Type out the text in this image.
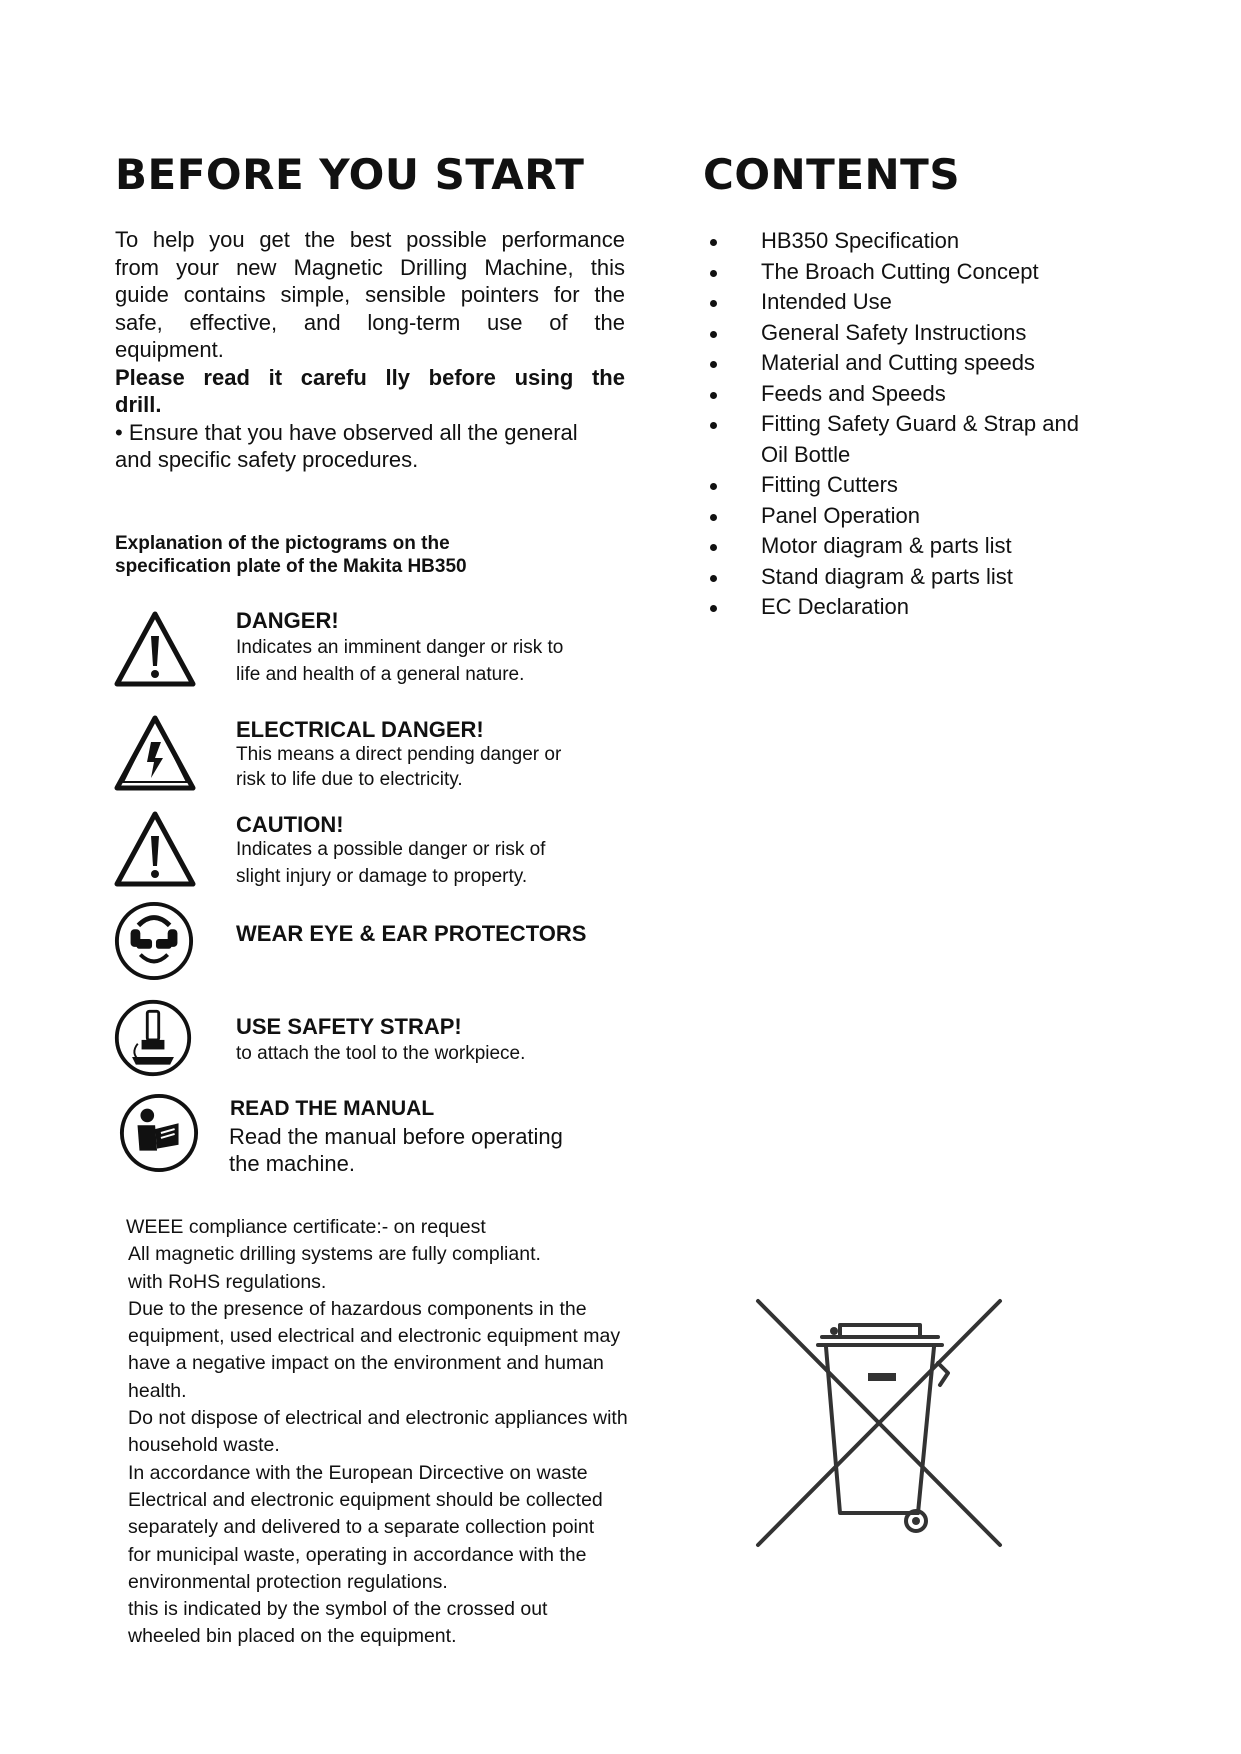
BEFORE YOU START

To help you get the best possible performance

from your new Magnetic Drilling Machine, this

guide contains simple, sensible pointers for the

safe, effective, and long-term use of the

equipment.

Please read it carefu lly before using the

drill.

• Ensure that you have observed all the general

and specific safety procedures.

Explanation of the pictograms on the
specification plate of the Makita HB350
DANGER!
Indicates an imminent danger or risk to
life and health of a general nature.
ELECTRICAL DANGER!
This means a direct pending danger or
risk to life due to electricity.
CAUTION!
Indicates a possible danger or risk of
slight injury or damage to property.
WEAR EYE & EAR PROTECTORS
USE SAFETY STRAP!
to attach the tool to the workpiece.
READ THE MANUAL
Read the manual before operating
the machine.
WEEE compliance certificate:- on request
All magnetic drilling systems are fully compliant.
with RoHS regulations.
Due to the presence of hazardous components in the
equipment, used electrical and electronic equipment may
have a negative impact on the environment and human
health.
Do not dispose of electrical and electronic appliances with
household waste.
In accordance with the European Dircective on waste
Electrical and electronic equipment should be collected
separately and delivered to a separate collection point
for municipal waste, operating in accordance with the
environmental protection regulations.
this is indicated by the symbol of the crossed out
wheeled bin placed on the equipment.
CONTENTS
HB350 Specification
The Broach Cutting Concept
Intended Use
General Safety Instructions
Material and Cutting speeds
Feeds and Speeds
Fitting Safety Guard & Strap and Oil Bottle
Fitting Cutters
Panel Operation
Motor diagram & parts list
Stand diagram & parts list
EC Declaration
